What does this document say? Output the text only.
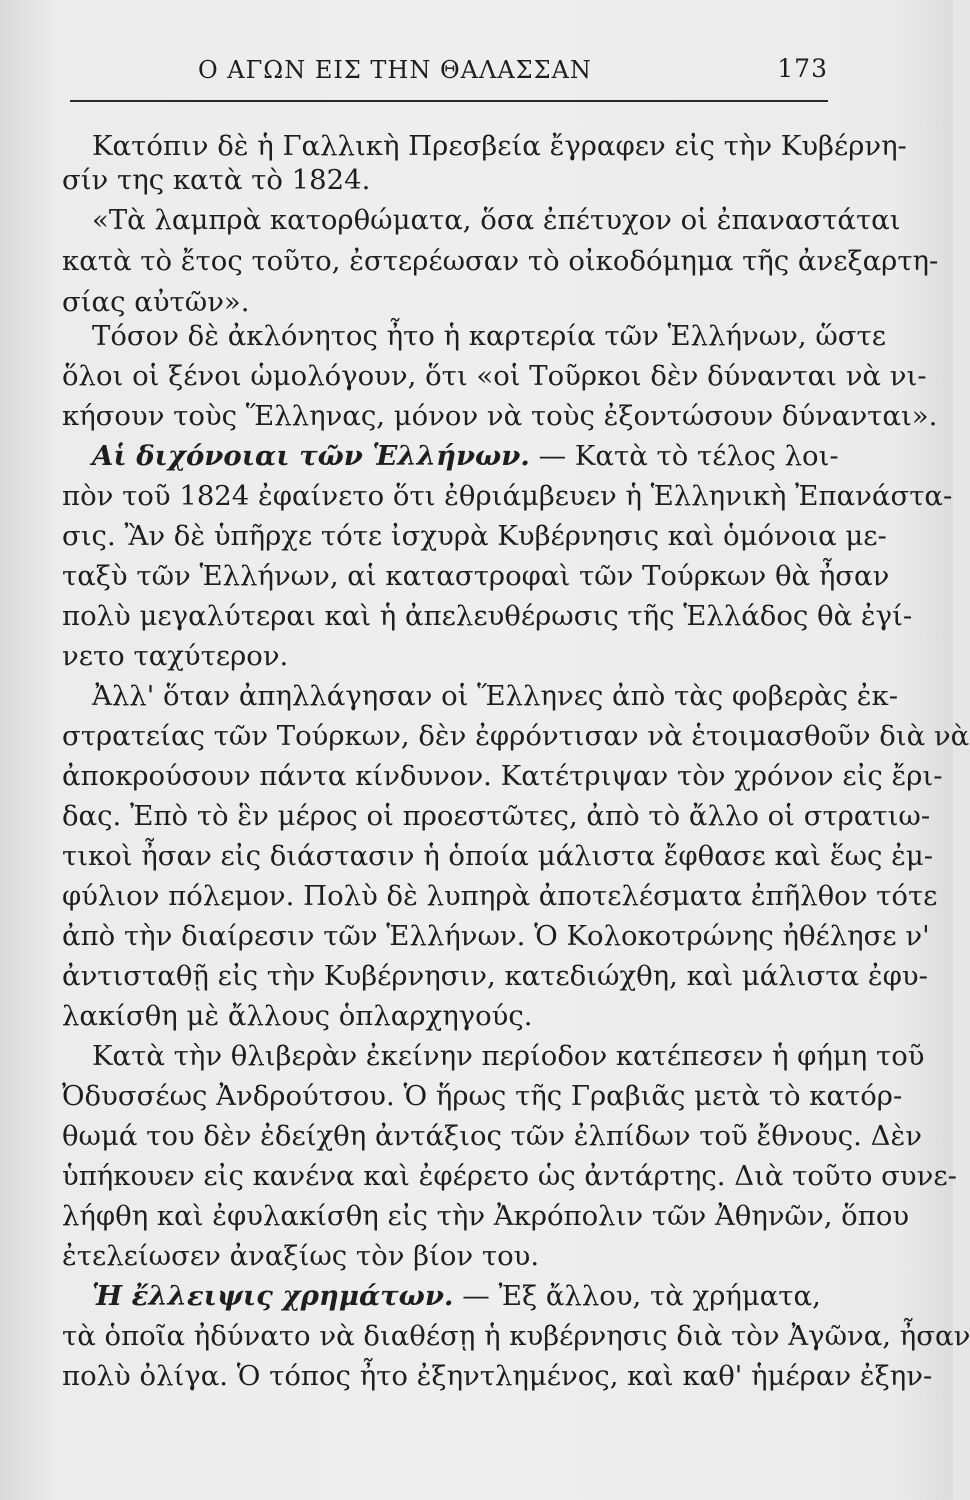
Ο ΑΓΩΝ ΕΙΣ ΤΗΝ ΘΑΛΑΣΣΑΝ	173
Κατόπιν δὲ ἡ Γαλλικὴ Πρεσβεία ἔγραφεν εἰς τὴν Κυβέρνη-
σίν της κατὰ τὸ 1824.
«Τὰ λαμπρὰ κατορθώματα, ὅσα ἐπέτυχον οἱ ἐπαναστάται
κατὰ τὸ ἔτος τοῦτο, ἐστερέωσαν τὸ οἰκοδόμημα τῆς ἀνεξαρτη-
σίας αὐτῶν».
Τόσον δὲ ἀκλόνητος ἦτο ἡ καρτερία τῶν Ἑλλήνων, ὥστε
ὅλοι οἱ ξένοι ὡμολόγουν, ὅτι «οἱ Τοῦρκοι δὲν δύνανται νὰ νι-
κήσουν τοὺς Ἕλληνας, μόνον νὰ τοὺς ἐξοντώσουν δύνανται».
Αἱ διχόνοιαι τῶν Ἑλλήνων. — Κατὰ τὸ τέλος λοι-
πὸν τοῦ 1824 ἐφαίνετο ὅτι ἐθριάμβευεν ἡ Ἑλληνικὴ Ἐπανάστα-
σις. Ἂν δὲ ὑπῆρχε τότε ἰσχυρὰ Κυβέρνησις καὶ ὁμόνοια με-
ταξὺ τῶν Ἑλλήνων, αἱ καταστροφαὶ τῶν Τούρκων θὰ ἦσαν
πολὺ μεγαλύτεραι καὶ ἡ ἀπελευθέρωσις τῆς Ἑλλάδος θὰ ἐγί-
νετο ταχύτερον.
Ἀλλ' ὅταν ἀπηλλάγησαν οἱ Ἕλληνες ἀπὸ τὰς φοβερὰς ἐκ-
στρατείας τῶν Τούρκων, δὲν ἐφρόντισαν νὰ ἑτοιμασθοῦν διὰ νὰ
ἀποκρούσουν πάντα κίνδυνον. Κατέτριψαν τὸν χρόνον εἰς ἔρι-
δας. Ἐπὸ τὸ ἓν μέρος οἱ προεστῶτες, ἀπὸ τὸ ἄλλο οἱ στρατιω-
τικοὶ ἦσαν εἰς διάστασιν ἡ ὁποία μάλιστα ἔφθασε καὶ ἕως ἐμ-
φύλιον πόλεμον. Πολὺ δὲ λυπηρὰ ἀποτελέσματα ἐπῆλθον τότε
ἀπὸ τὴν διαίρεσιν τῶν Ἑλλήνων. Ὁ Κολοκοτρώνης ἠθέλησε ν'
ἀντισταθῇ εἰς τὴν Κυβέρνησιν, κατεδιώχθη, καὶ μάλιστα ἐφυ-
λακίσθη μὲ ἄλλους ὁπλαρχηγούς.
Κατὰ τὴν θλιβερὰν ἐκείνην περίοδον κατέπεσεν ἡ φήμη τοῦ
Ὀδυσσέως Ἀνδρούτσου. Ὁ ἥρως τῆς Γραβιᾶς μετὰ τὸ κατόρ-
θωμά του δὲν ἐδείχθη ἀντάξιος τῶν ἐλπίδων τοῦ ἔθνους. Δὲν
ὑπήκουεν εἰς κανένα καὶ ἐφέρετο ὡς ἀντάρτης. Διὰ τοῦτο συνε-
λήφθη καὶ ἐφυλακίσθη εἰς τὴν Ἀκρόπολιν τῶν Ἀθηνῶν, ὅπου
ἐτελείωσεν ἀναξίως τὸν βίον του.
Ἡ ἔλλειψις χρημάτων. — Ἐξ ἄλλου, τὰ χρήματα,
τὰ ὁποῖα ἠδύνατο νὰ διαθέσῃ ἡ κυβέρνησις διὰ τὸν Ἀγῶνα, ἦσαν
πολὺ ὀλίγα. Ὁ τόπος ἦτο ἐξηντλημένος, καὶ καθ' ἡμέραν ἐξην-
